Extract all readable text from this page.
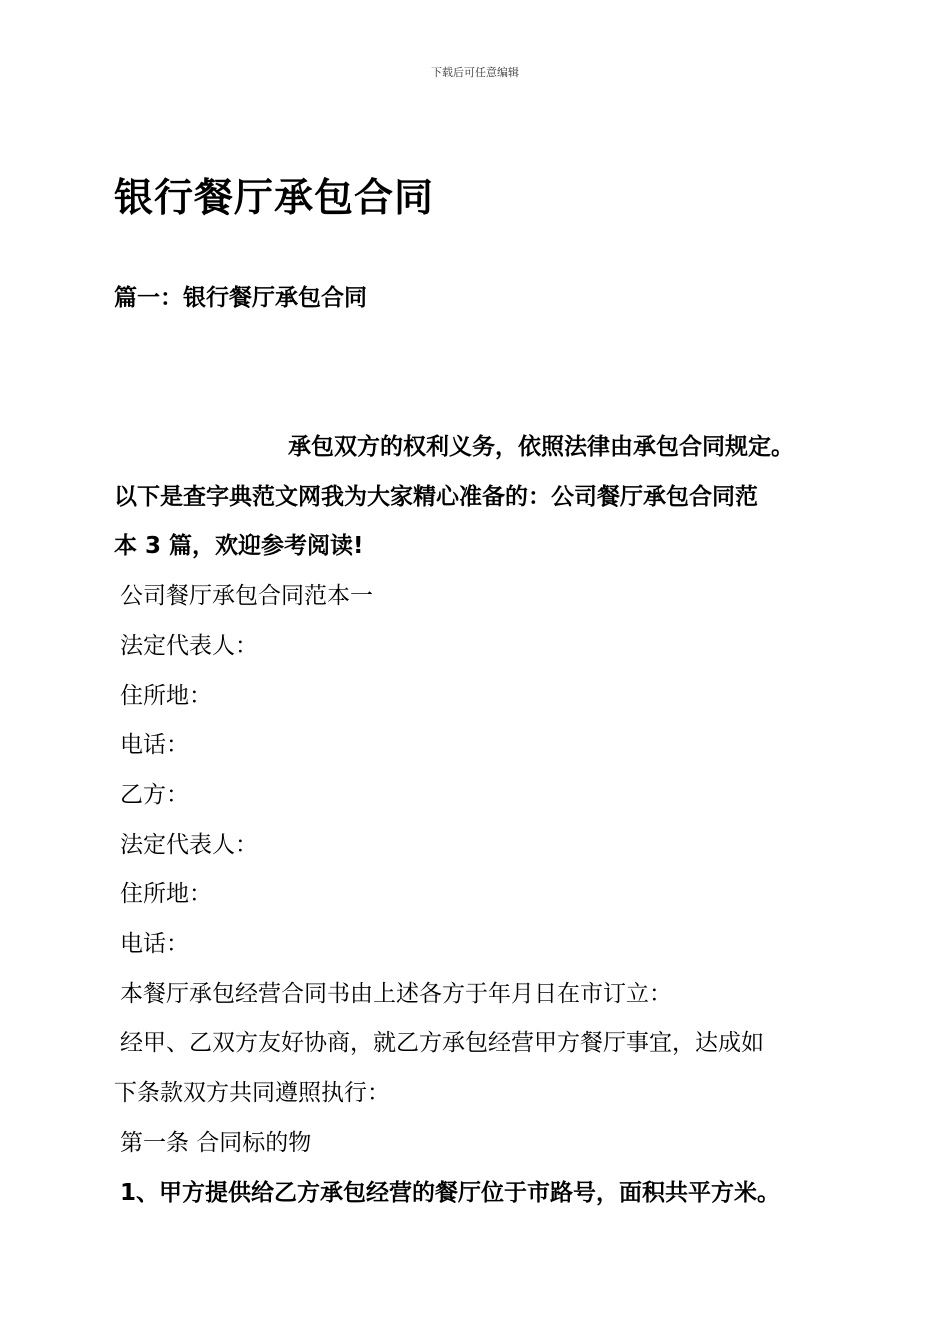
下载后可任意编辑
银行餐厅承包合同
篇一：银行餐厅承包合同

承包双方的权利义务，依照法律由承包合同规定。

以下是查字典范文网我为大家精心准备的：公司餐厅承包合同范

本 3 篇，欢迎参考阅读!

公司餐厅承包合同范本一

法定代表人：

住所地：

电话：

乙方：

法定代表人：

住所地：

电话：

本餐厅承包经营合同书由上述各方于年月日在市订立：

经甲、乙双方友好协商，就乙方承包经营甲方餐厅事宜，达成如

下条款双方共同遵照执行：

第一条 合同标的物

1、甲方提供给乙方承包经营的餐厅位于市路号，面积共平方米。
